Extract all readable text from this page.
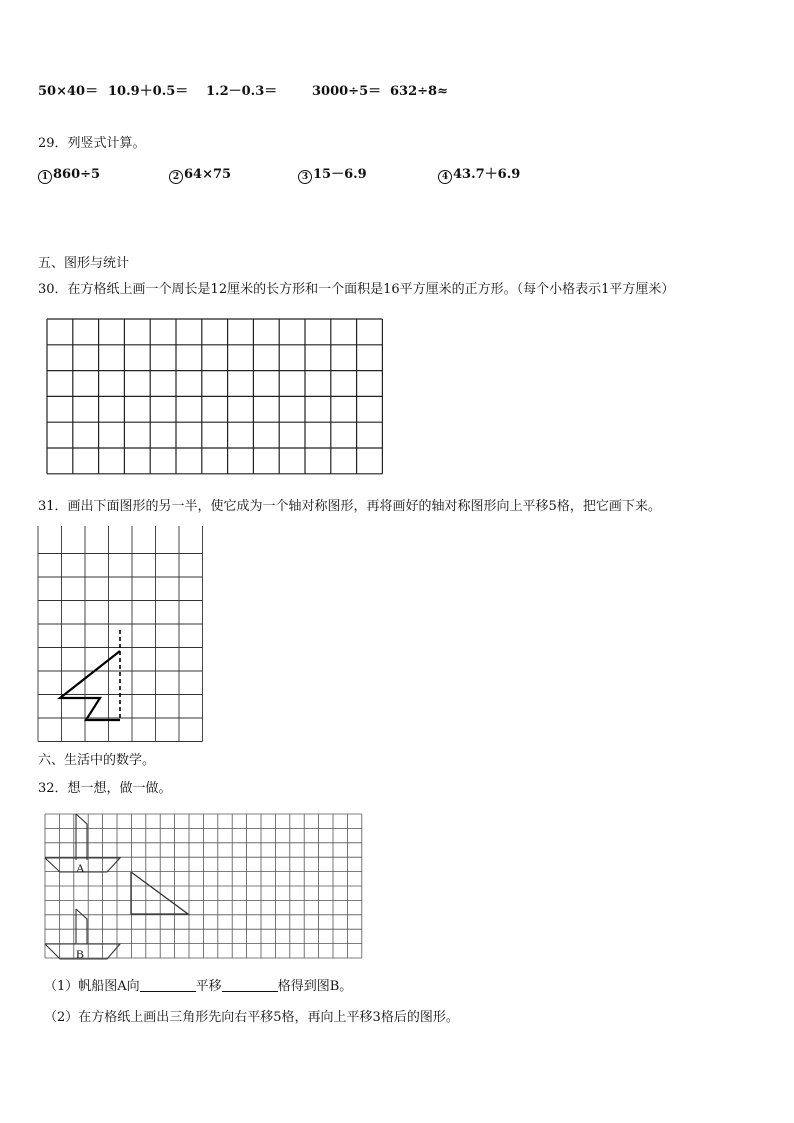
50×40＝ 10.9＋0.5＝ 1.2－0.3＝	3000÷5＝ 632÷8≈
29．列竖式计算。
1 860÷5	2 64×75	3 15－6.9	4 43.7＋6.9
五、图形与统计
30．在方格纸上画一个周长是12厘米的长方形和一个面积是16平方厘米的正方形。（每个小格表示1平方厘米）
31．画出下面图形的另一半，使它成为一个轴对称图形，再将画好的轴对称图形向上平移5格，把它画下来。
六、生活中的数学。
32．想一想，做一做。
A
B
（1）帆船图A向	平移	格得到图B。
（2）在方格纸上画出三角形先向右平移5格，再向上平移3格后的图形。
